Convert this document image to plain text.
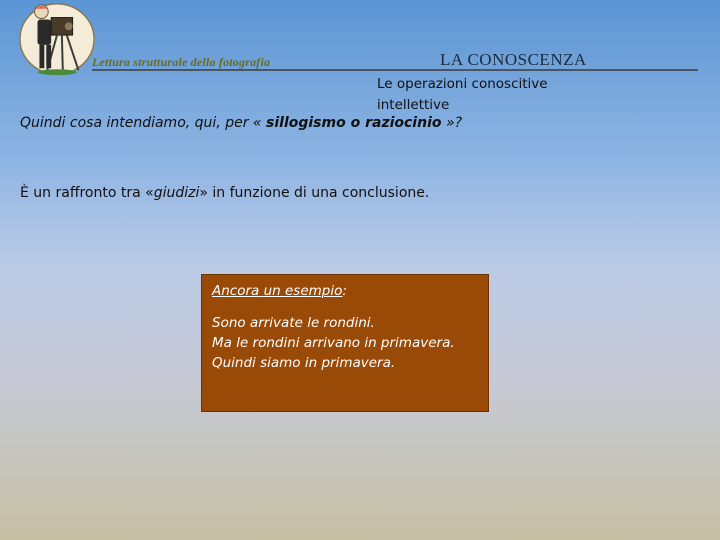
Lettura strutturale della fotografia	LA CONOSCENZA
Le operazioni conoscitive
intellettive
Quindi cosa intendiamo, qui, per « sillogismo o raziocinio »?
È un raffronto tra «giudizi» in funzione di una conclusione.
Ancora un esempio:
Sono arrivate le rondini.
Ma le rondini arrivano in primavera.
Quindi siamo in primavera.
